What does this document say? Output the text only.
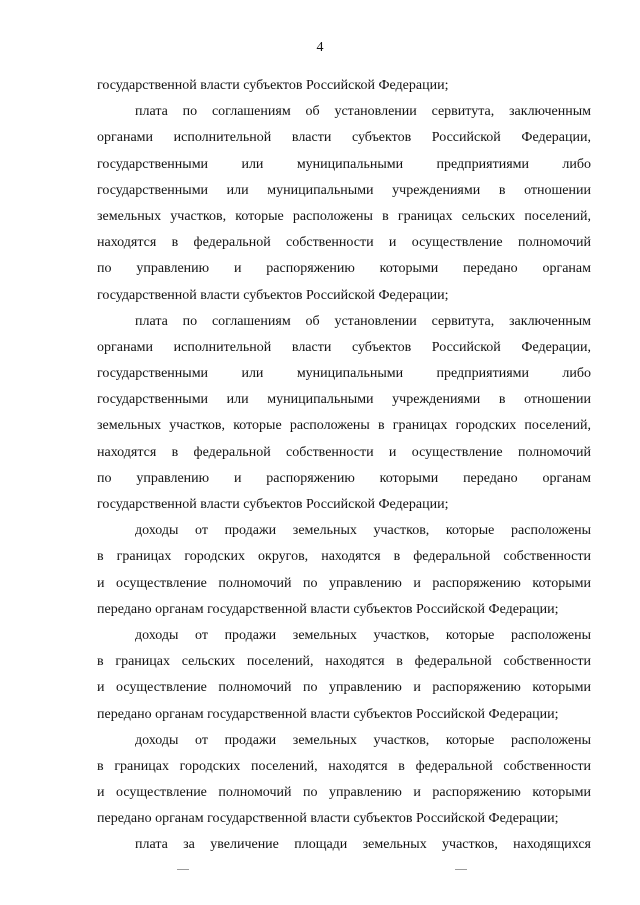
4
государственной власти субъектов Российской Федерации;
плата по соглашениям об установлении сервитута, заключенным
органами исполнительной власти субъектов Российской Федерации,
государственными или муниципальными предприятиями либо
государственными или муниципальными учреждениями в отношении
земельных участков, которые расположены в границах сельских поселений,
находятся в федеральной собственности и осуществление полномочий
по управлению и распоряжению которыми передано органам
государственной власти субъектов Российской Федерации;
плата по соглашениям об установлении сервитута, заключенным
органами исполнительной власти субъектов Российской Федерации,
государственными или муниципальными предприятиями либо
государственными или муниципальными учреждениями в отношении
земельных участков, которые расположены в границах городских поселений,
находятся в федеральной собственности и осуществление полномочий
по управлению и распоряжению которыми передано органам
государственной власти субъектов Российской Федерации;
доходы от продажи земельных участков, которые расположены
в границах городских округов, находятся в федеральной собственности
и осуществление полномочий по управлению и распоряжению которыми
передано органам государственной власти субъектов Российской Федерации;
доходы от продажи земельных участков, которые расположены
в границах сельских поселений, находятся в федеральной собственности
и осуществление полномочий по управлению и распоряжению которыми
передано органам государственной власти субъектов Российской Федерации;
доходы от продажи земельных участков, которые расположены
в границах городских поселений, находятся в федеральной собственности
и осуществление полномочий по управлению и распоряжению которыми
передано органам государственной власти субъектов Российской Федерации;
плата за увеличение площади земельных участков, находящихся
